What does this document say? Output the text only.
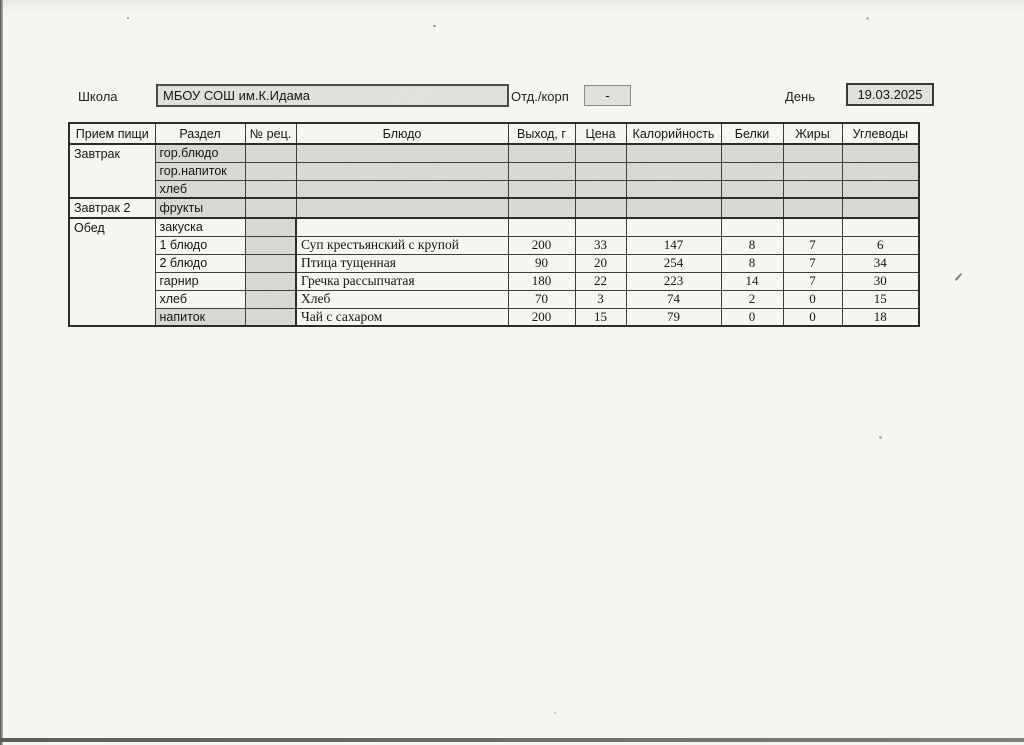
Школа	МБОУ СОШ им.К.Идама	Отд./корп	-	День	19.03.2025
Прием пищи	Раздел	№ рец.	Блюдо	Выход, г	Цена	Калорийность	Белки	Жиры	Углеводы
Завтрак	гор.блюдо								
	гор.напиток								
	хлеб								
Завтрак 2	фрукты								
Обед	закуска								
	1 блюдо		Суп крестьянский с крупой	200	33	147	8	7	6
	2 блюдо		Птица тущенная	90	20	254	8	7	34
	гарнир		Гречка рассыпчатая	180	22	223	14	7	30
	хлеб		Хлеб	70	3	74	2	0	15
	напиток		Чай с сахаром	200	15	79	0	0	18
